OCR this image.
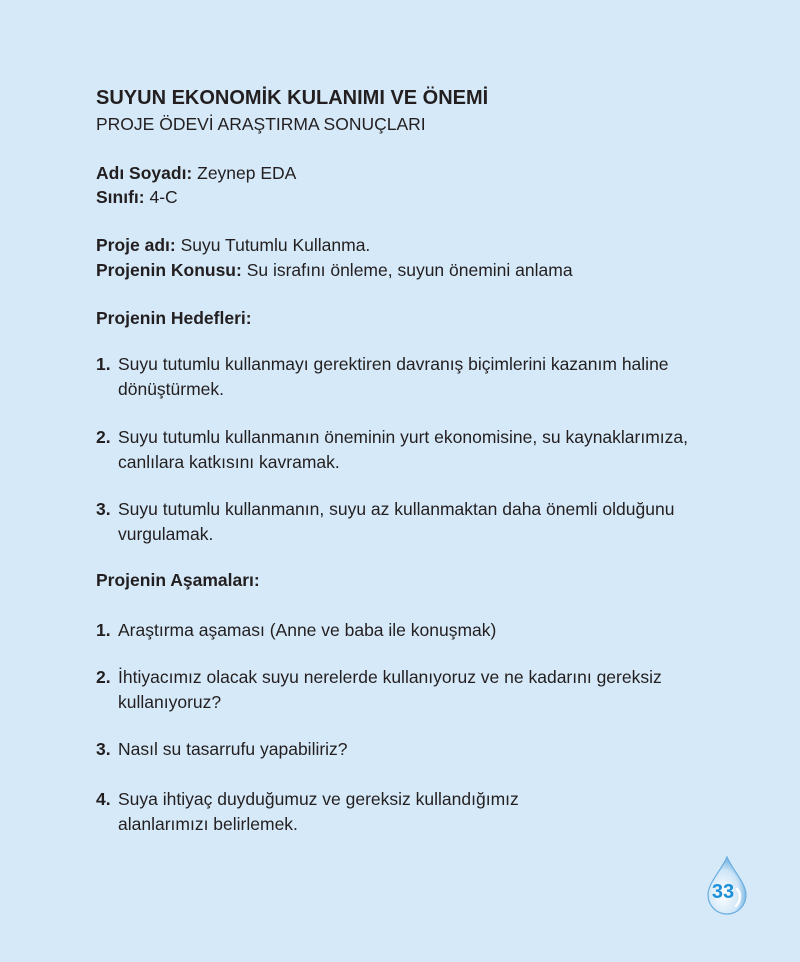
SUYUN EKONOMİK KULANIMI VE ÖNEMİ
PROJE ÖDEVİ ARAŞTIRMA SONUÇLARI
Adı Soyadı: Zeynep EDA
Sınıfı: 4-C
Proje adı: Suyu Tutumlu Kullanma.
Projenin Konusu: Su israfını önleme, suyun önemini anlama
Projenin Hedefleri:
1. Suyu tutumlu kullanmayı gerektiren davranış biçimlerini kazanım haline dönüştürmek.
2. Suyu tutumlu kullanmanın öneminin yurt ekonomisine, su kaynaklarımıza, canlılara katkısını kavramak.
3. Suyu tutumlu kullanmanın, suyu az kullanmaktan daha önemli olduğunu vurgulamak.
Projenin Aşamaları:
1. Araştırma aşaması (Anne ve baba ile konuşmak)
2. İhtiyacımız olacak suyu nerelerde kullanıyoruz ve ne kadarını gereksiz kullanıyoruz?
3. Nasıl su tasarrufu yapabiliriz?
4. Suya ihtiyaç duyduğumuz ve gereksiz kullandığımız alanlarımızı belirlemek.
33
